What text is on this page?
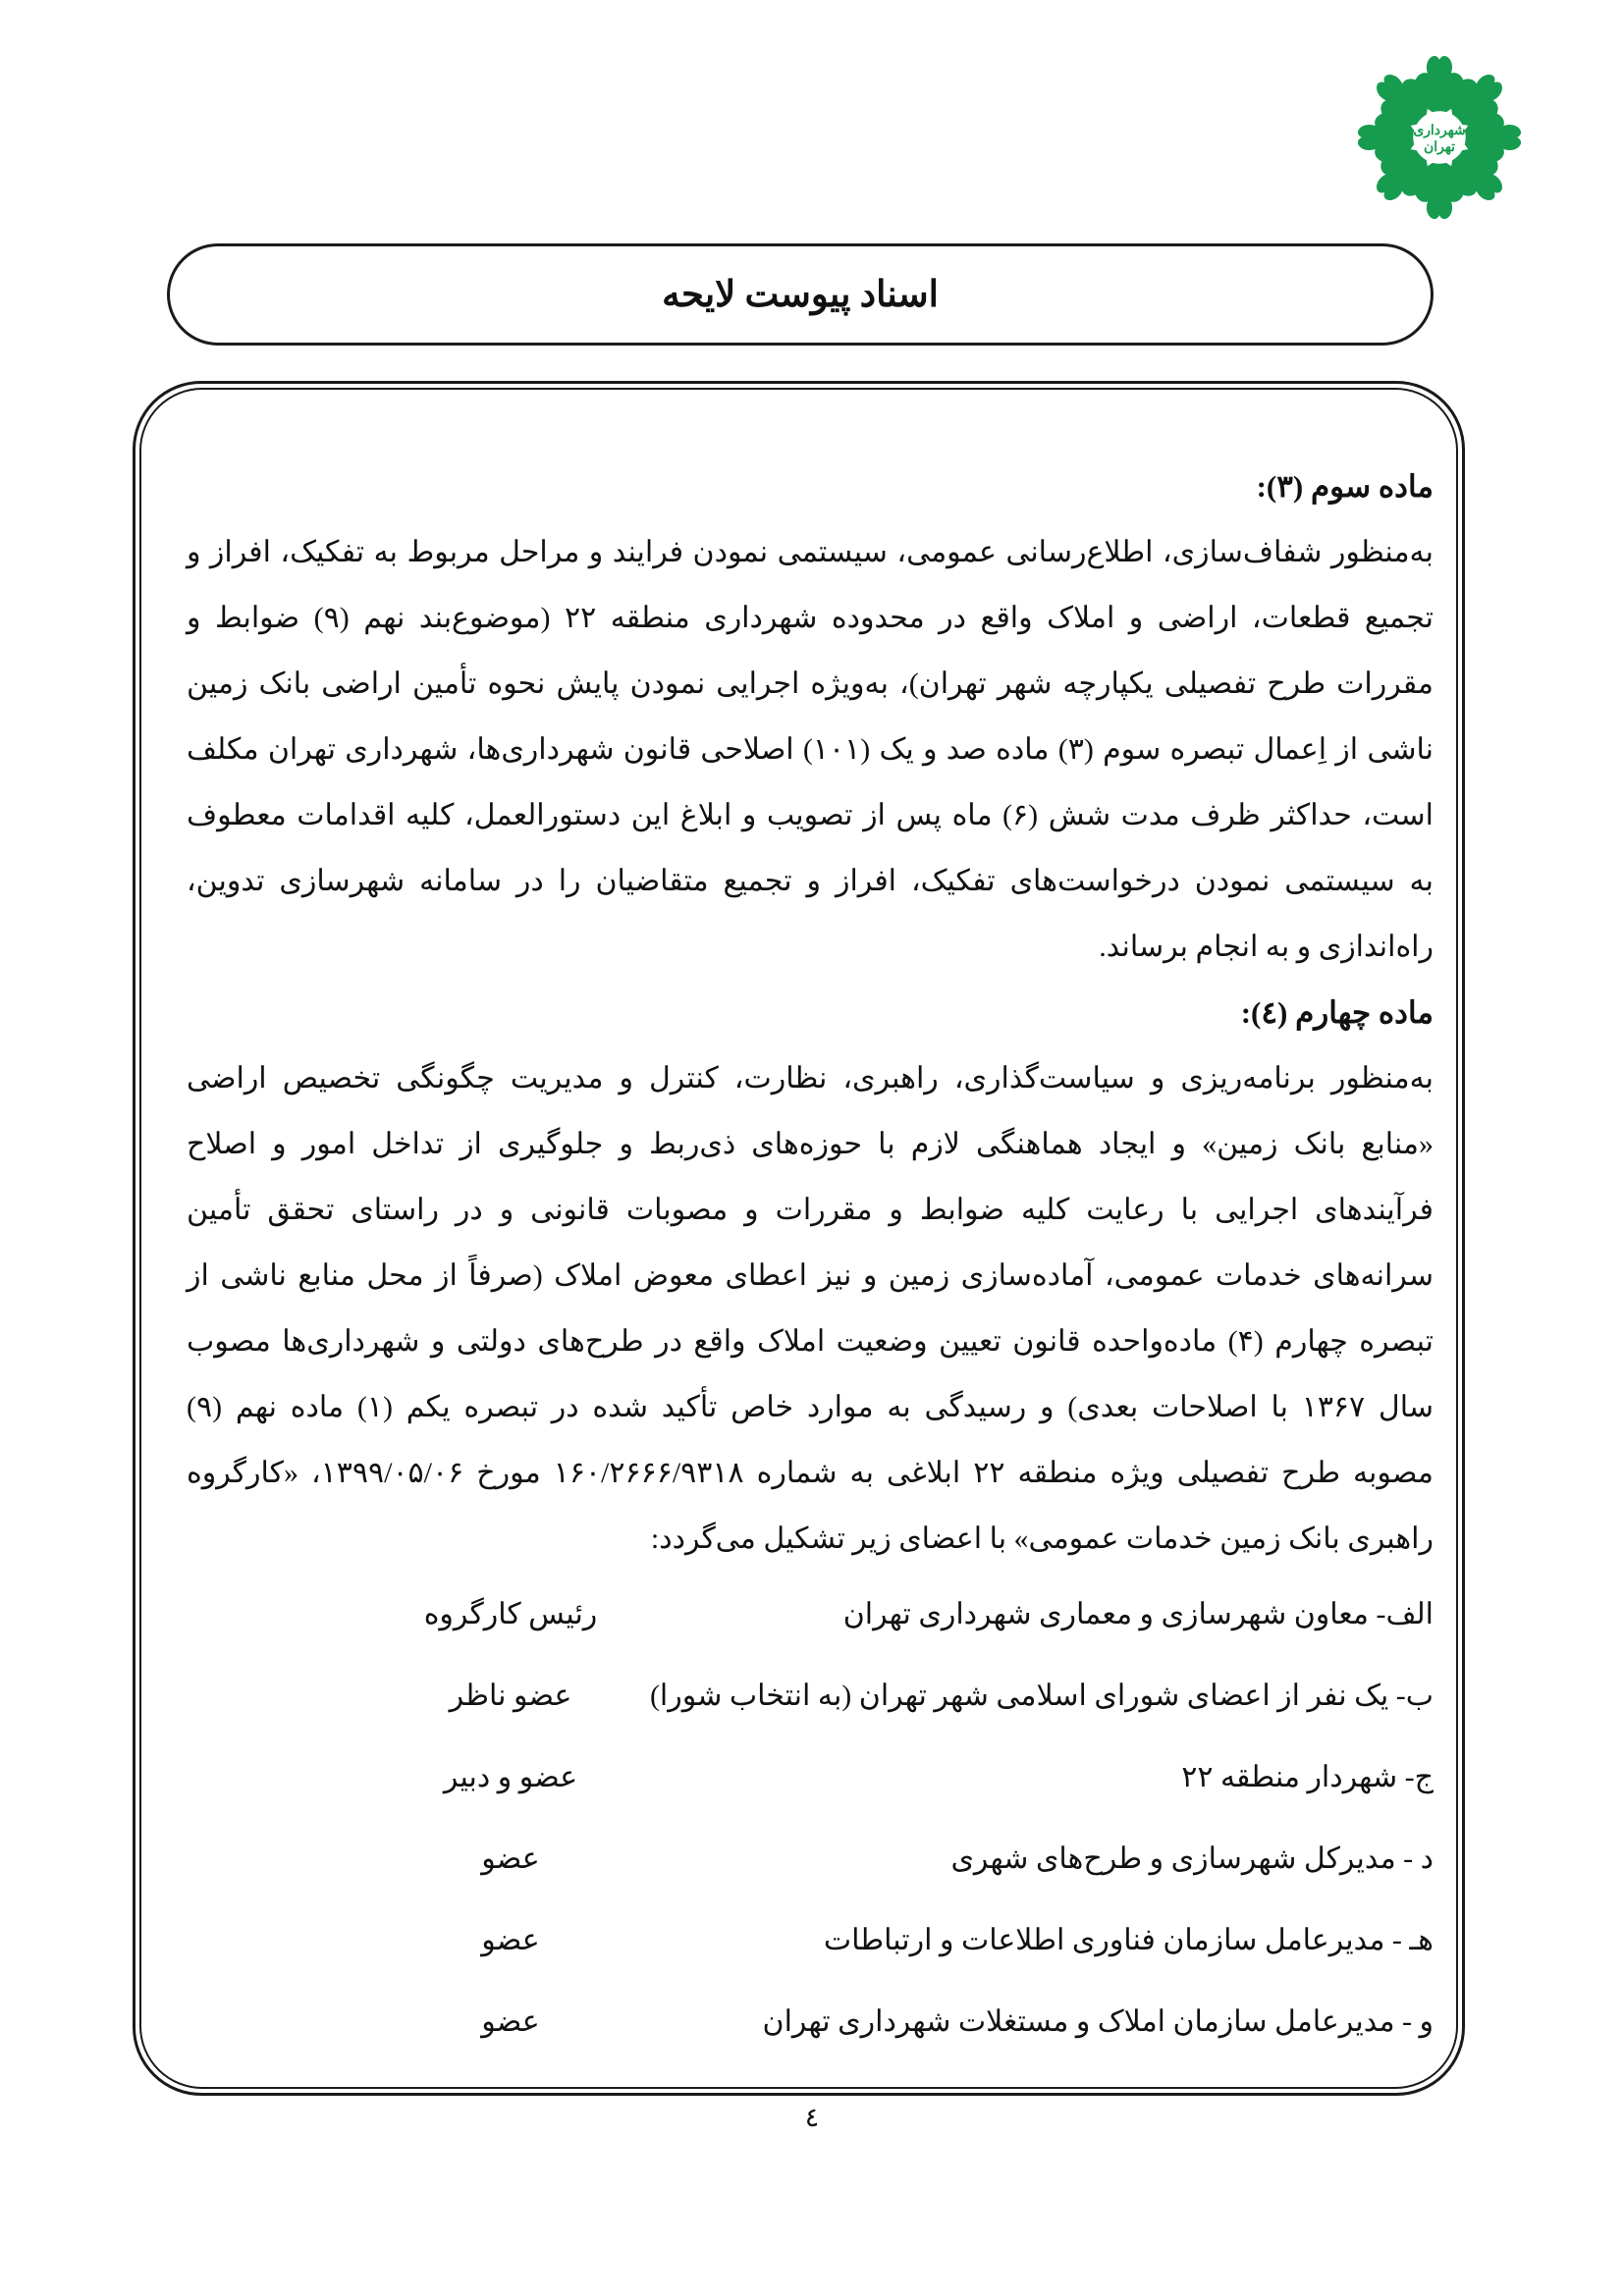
شهرداری
تهران
اسناد پیوست لایحه
ماده سوم (۳):
به‌منظور شفاف‌سازی، اطلاع‌رسانی عمومی، سیستمی نمودن فرایند و مراحل مربوط به تفکیک، افراز و
تجمیع قطعات، اراضی و املاک واقع در محدوده شهرداری منطقه ۲۲ (موضوع‌بند نهم (۹) ضوابط و
مقررات طرح تفصیلی یکپارچه شهر تهران)، به‌ویژه اجرایی نمودن پایش نحوه تأمین اراضی بانک زمین
ناشی از اِعمال تبصره سوم (۳) ماده صد و یک (۱۰۱) اصلاحی قانون شهرداری‌ها، شهرداری تهران مکلف
است، حداکثر ظرف مدت شش (۶) ماه پس از تصویب و ابلاغ این دستورالعمل، کلیه اقدامات معطوف
به سیستمی نمودن درخواست‌های تفکیک، افراز و تجمیع متقاضیان را در سامانه شهرسازی تدوین،
راه‌اندازی و به انجام برساند.
ماده چهارم (٤):
به‌منظور برنامه‌ریزی و سیاست‌گذاری، راهبری، نظارت، کنترل و مدیریت چگونگی تخصیص اراضی
«منابع بانک زمین» و ایجاد هماهنگی لازم با حوزه‌های ذی‌ربط و جلوگیری از تداخل امور و اصلاح
فرآیندهای اجرایی با رعایت کلیه ضوابط و مقررات و مصوبات قانونی و در راستای تحقق تأمین
سرانه‌های خدمات عمومی، آماده‌سازی زمین و نیز اعطای معوض املاک (صرفاً از محل منابع ناشی از
تبصره چهارم (۴) ماده‌واحده قانون تعیین وضعیت املاک واقع در طرح‌های دولتی و شهرداری‌ها مصوب
سال ۱۳۶۷ با اصلاحات بعدی) و رسیدگی به موارد خاص تأکید شده در تبصره یکم (۱) ماده نهم (۹)
مصوبه طرح تفصیلی ویژه منطقه ۲۲ ابلاغی به شماره ۱۶۰/۲۶۶۶/۹۳۱۸ مورخ ۱۳۹۹/۰۵/۰۶، «کارگروه
راهبری بانک زمین خدمات عمومی» با اعضای زیر تشکیل می‌گردد:
الف- معاون شهرسازی و معماری شهرداری تهران
رئیس کارگروه
ب- یک نفر از اعضای شورای اسلامی شهر تهران (به انتخاب شورا)
عضو ناظر
ج- شهردار منطقه ۲۲
عضو و دبیر
د - مدیرکل شهرسازی و طرح‌های شهری
عضو
هـ - مدیرعامل سازمان فناوری اطلاعات و ارتباطات
عضو
و - مدیرعامل سازمان املاک و مستغلات شهرداری تهران
عضو
٤
